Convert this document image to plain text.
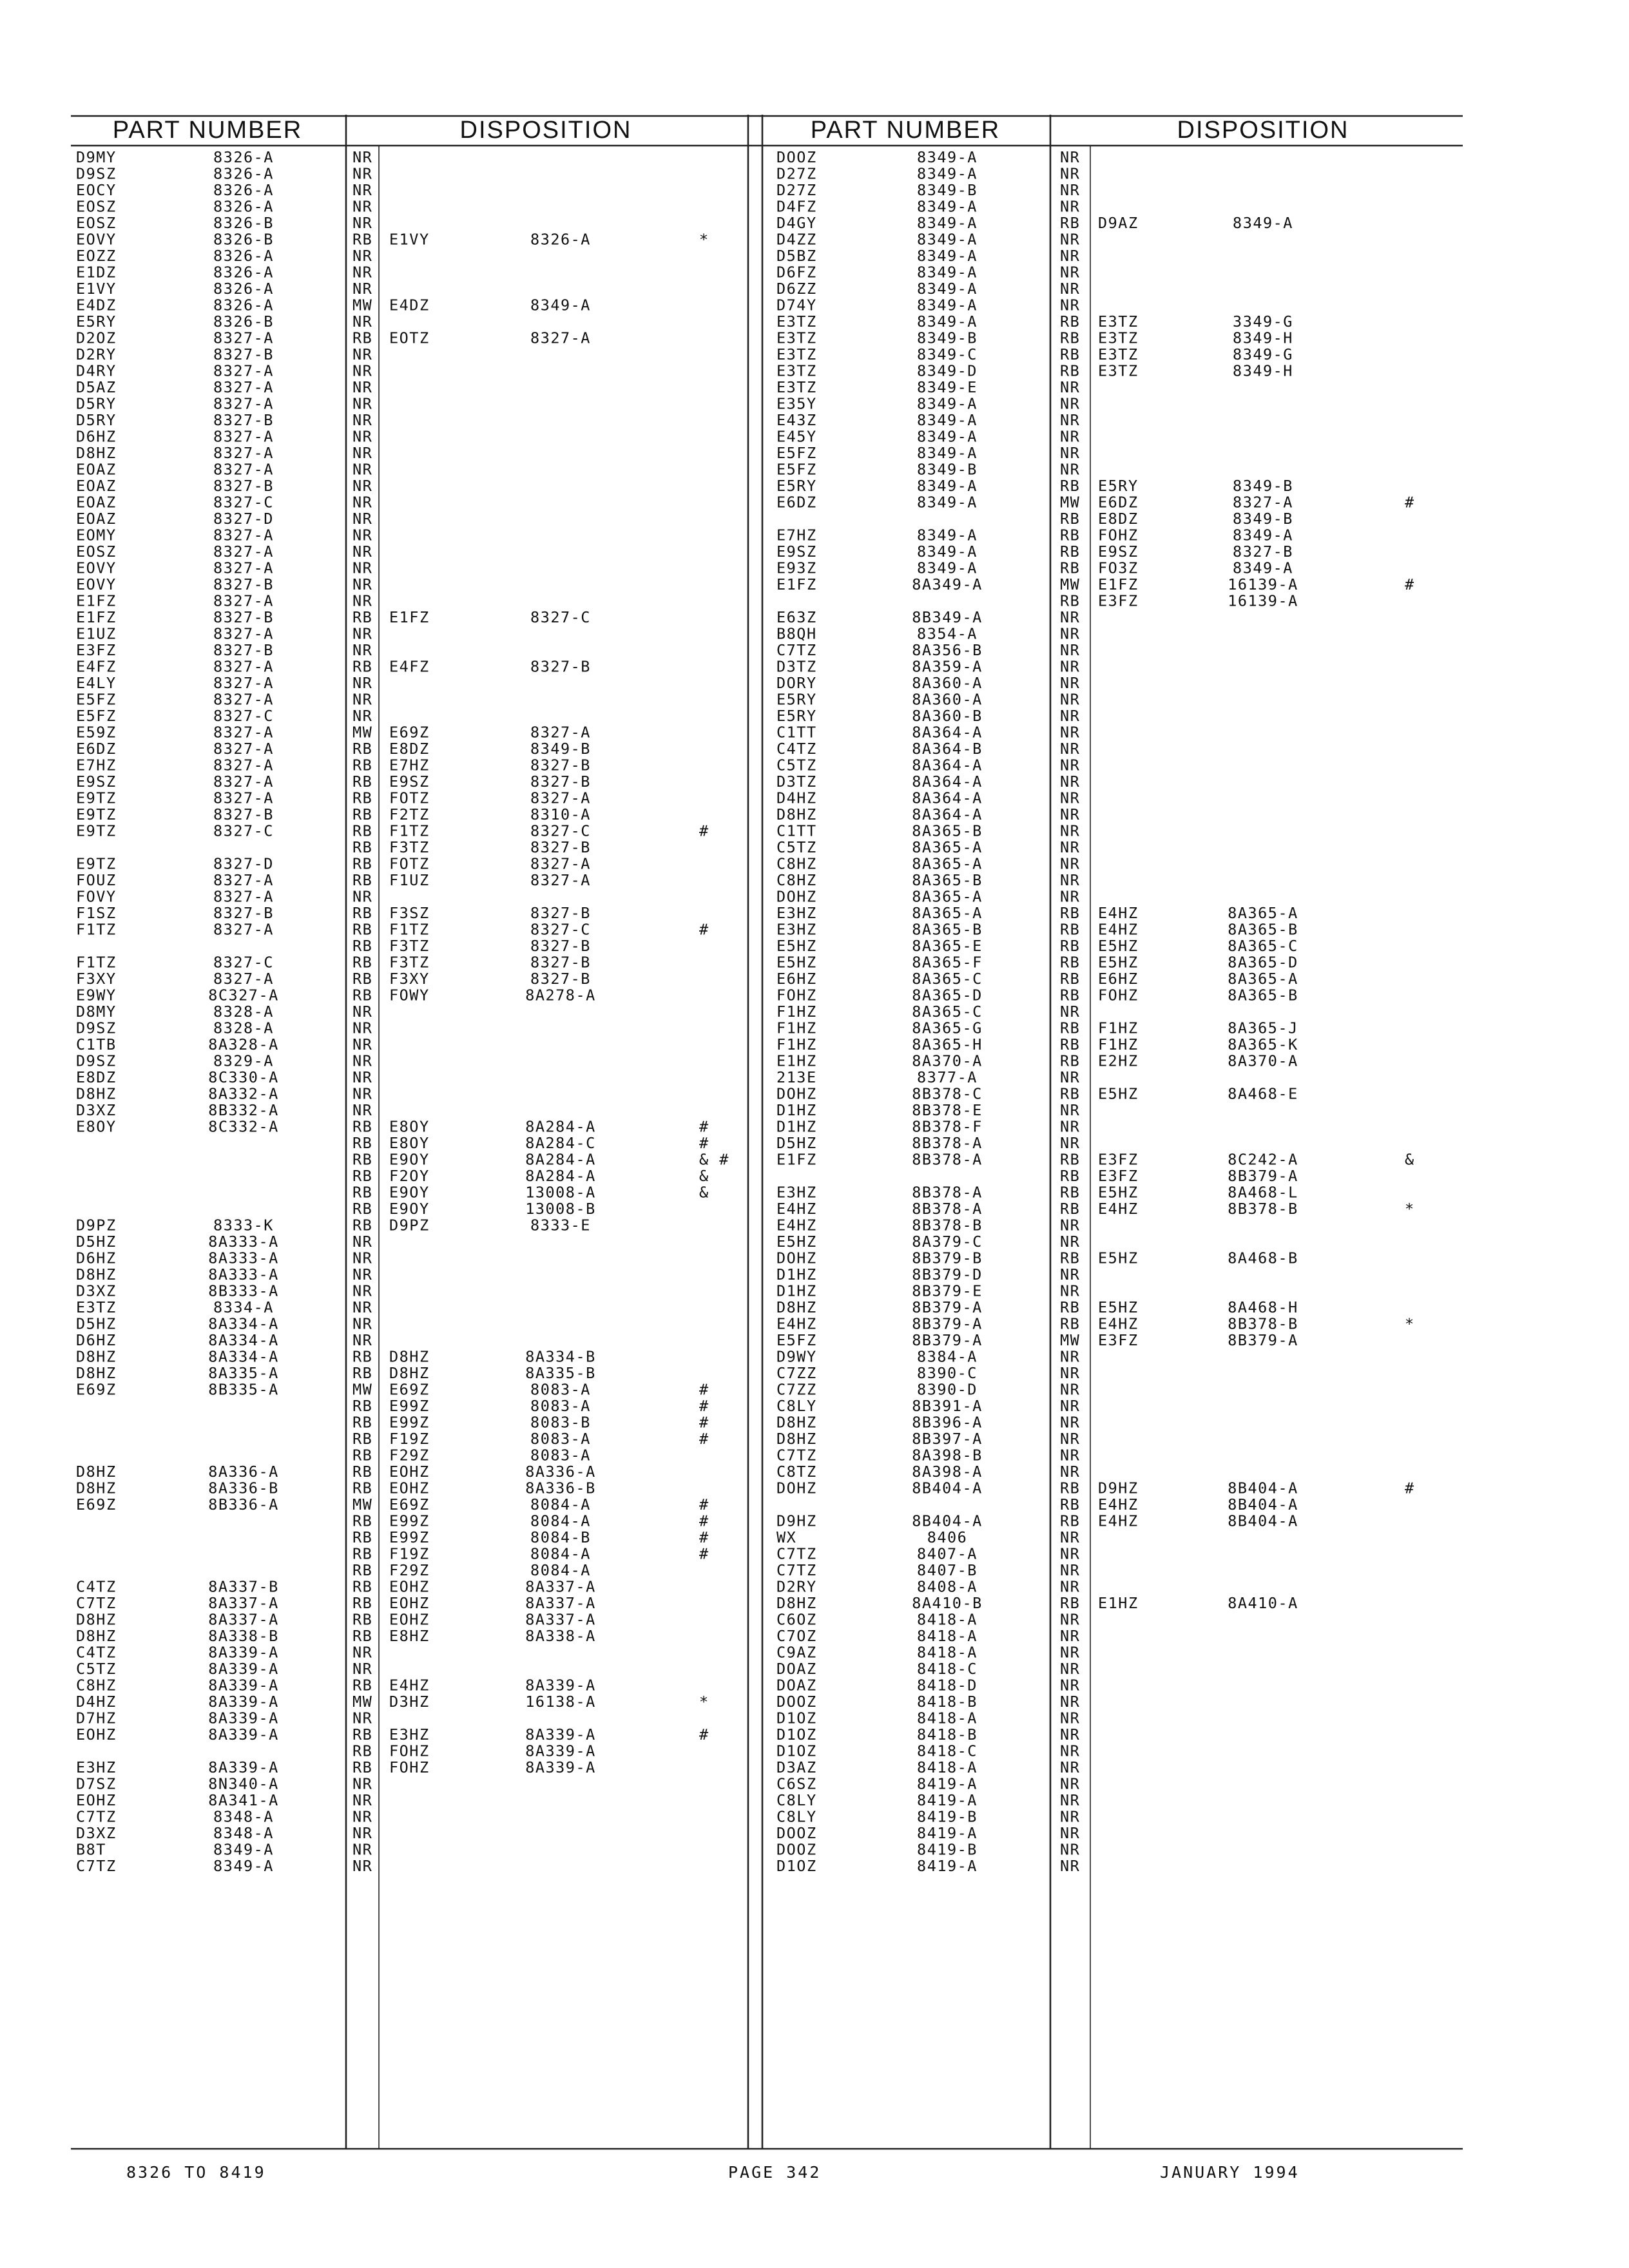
PART NUMBER	DISPOSITION	PART NUMBER	DISPOSITION
D9MY	8326-A	NR
D9SZ	8326-A	NR
EOCY	8326-A	NR
EOSZ	8326-A	NR
EOSZ	8326-B	NR
EOVY	8326-B	RB E1VY	8326-A	*
EOZZ	8326-A	NR
E1DZ	8326-A	NR
E1VY	8326-A	NR
E4DZ	8326-A	MW E4DZ	8349-A
E5RY	8326-B	NR
D2OZ	8327-A	RB EOTZ	8327-A
D2RY	8327-B	NR
D4RY	8327-A	NR
D5AZ	8327-A	NR
D5RY	8327-A	NR
D5RY	8327-B	NR
D6HZ	8327-A	NR
D8HZ	8327-A	NR
EOAZ	8327-A	NR
EOAZ	8327-B	NR
EOAZ	8327-C	NR
EOAZ	8327-D	NR
EOMY	8327-A	NR
EOSZ	8327-A	NR
EOVY	8327-A	NR
EOVY	8327-B	NR
E1FZ	8327-A	NR
E1FZ	8327-B	RB E1FZ	8327-C
E1UZ	8327-A	NR
E3FZ	8327-B	NR
E4FZ	8327-A	RB E4FZ	8327-B
E4LY	8327-A	NR
E5FZ	8327-A	NR
E5FZ	8327-C	NR
E59Z	8327-A	MW E69Z	8327-A
E6DZ	8327-A	RB E8DZ	8349-B
E7HZ	8327-A	RB E7HZ	8327-B
E9SZ	8327-A	RB E9SZ	8327-B
E9TZ	8327-A	RB FOTZ	8327-A
E9TZ	8327-B	RB F2TZ	8310-A
E9TZ	8327-C	RB F1TZ	8327-C	#
RB F3TZ	8327-B
E9TZ	8327-D	RB FOTZ	8327-A
FOUZ	8327-A	RB F1UZ	8327-A
FOVY	8327-A	NR
F1SZ	8327-B	RB F3SZ	8327-B
F1TZ	8327-A	RB F1TZ	8327-C	#
RB F3TZ	8327-B
F1TZ	8327-C	RB F3TZ	8327-B
F3XY	8327-A	RB F3XY	8327-B
E9WY	8C327-A	RB FOWY	8A278-A
D8MY	8328-A	NR
D9SZ	8328-A	NR
C1TB	8A328-A	NR
D9SZ	8329-A	NR
E8DZ	8C330-A	NR
D8HZ	8A332-A	NR
D3XZ	8B332-A	NR
E8OY	8C332-A	RB E8OY	8A284-A	#
RB E8OY	8A284-C	#
RB E9OY	8A284-A	& #
RB F2OY	8A284-A	&
RB E9OY	13008-A	&
RB E9OY	13008-B
D9PZ	8333-K	RB D9PZ	8333-E
D5HZ	8A333-A	NR
D6HZ	8A333-A	NR
D8HZ	8A333-A	NR
D3XZ	8B333-A	NR
E3TZ	8334-A	NR
D5HZ	8A334-A	NR
D6HZ	8A334-A	NR
D8HZ	8A334-A	RB D8HZ	8A334-B
D8HZ	8A335-A	RB D8HZ	8A335-B
E69Z	8B335-A	MW E69Z	8083-A	#
RB E99Z	8083-A	#
RB E99Z	8083-B	#
RB F19Z	8083-A	#
RB F29Z	8083-A
D8HZ	8A336-A	RB EOHZ	8A336-A
D8HZ	8A336-B	RB EOHZ	8A336-B
E69Z	8B336-A	MW E69Z	8084-A	#
RB E99Z	8084-A	#
RB E99Z	8084-B	#
RB F19Z	8084-A	#
RB F29Z	8084-A
C4TZ	8A337-B	RB EOHZ	8A337-A
C7TZ	8A337-A	RB EOHZ	8A337-A
D8HZ	8A337-A	RB EOHZ	8A337-A
D8HZ	8A338-B	RB E8HZ	8A338-A
C4TZ	8A339-A	NR
C5TZ	8A339-A	NR
C8HZ	8A339-A	RB E4HZ	8A339-A
D4HZ	8A339-A	MW D3HZ	16138-A	*
D7HZ	8A339-A	NR
EOHZ	8A339-A	RB E3HZ	8A339-A	#
RB FOHZ	8A339-A
E3HZ	8A339-A	RB FOHZ	8A339-A
D7SZ	8N340-A	NR
EOHZ	8A341-A	NR
C7TZ	8348-A	NR
D3XZ	8348-A	NR
B8T	8349-A	NR
C7TZ	8349-A	NR
DOOZ	8349-A	NR
D27Z	8349-A	NR
D27Z	8349-B	NR
D4FZ	8349-A	NR
D4GY	8349-A	RB D9AZ	8349-A
D4ZZ	8349-A	NR
D5BZ	8349-A	NR
D6FZ	8349-A	NR
D6ZZ	8349-A	NR
D74Y	8349-A	NR
E3TZ	8349-A	RB E3TZ	3349-G
E3TZ	8349-B	RB E3TZ	8349-H
E3TZ	8349-C	RB E3TZ	8349-G
E3TZ	8349-D	RB E3TZ	8349-H
E3TZ	8349-E	NR
E35Y	8349-A	NR
E43Z	8349-A	NR
E45Y	8349-A	NR
E5FZ	8349-A	NR
E5FZ	8349-B	NR
E5RY	8349-A	RB E5RY	8349-B
E6DZ	8349-A	MW E6DZ	8327-A	#
RB E8DZ	8349-B
E7HZ	8349-A	RB FOHZ	8349-A
E9SZ	8349-A	RB E9SZ	8327-B
E93Z	8349-A	RB FO3Z	8349-A
E1FZ	8A349-A	MW E1FZ	16139-A	#
RB E3FZ	16139-A
E63Z	8B349-A	NR
B8QH	8354-A	NR
C7TZ	8A356-B	NR
D3TZ	8A359-A	NR
DORY	8A360-A	NR
E5RY	8A360-A	NR
E5RY	8A360-B	NR
C1TT	8A364-A	NR
C4TZ	8A364-B	NR
C5TZ	8A364-A	NR
D3TZ	8A364-A	NR
D4HZ	8A364-A	NR
D8HZ	8A364-A	NR
C1TT	8A365-B	NR
C5TZ	8A365-A	NR
C8HZ	8A365-A	NR
C8HZ	8A365-B	NR
DOHZ	8A365-A	NR
E3HZ	8A365-A	RB E4HZ	8A365-A
E3HZ	8A365-B	RB E4HZ	8A365-B
E5HZ	8A365-E	RB E5HZ	8A365-C
E5HZ	8A365-F	RB E5HZ	8A365-D
E6HZ	8A365-C	RB E6HZ	8A365-A
FOHZ	8A365-D	RB FOHZ	8A365-B
F1HZ	8A365-C	NR
F1HZ	8A365-G	RB F1HZ	8A365-J
F1HZ	8A365-H	RB F1HZ	8A365-K
E1HZ	8A370-A	RB E2HZ	8A370-A
213E	8377-A	NR
DOHZ	8B378-C	RB E5HZ	8A468-E
D1HZ	8B378-E	NR
D1HZ	8B378-F	NR
D5HZ	8B378-A	NR
E1FZ	8B378-A	RB E3FZ	8C242-A	&
RB E3FZ	8B379-A
E3HZ	8B378-A	RB E5HZ	8A468-L
E4HZ	8B378-A	RB E4HZ	8B378-B	*
E4HZ	8B378-B	NR
E5HZ	8A379-C	NR
DOHZ	8B379-B	RB E5HZ	8A468-B
D1HZ	8B379-D	NR
D1HZ	8B379-E	NR
D8HZ	8B379-A	RB E5HZ	8A468-H
E4HZ	8B379-A	RB E4HZ	8B378-B	*
E5FZ	8B379-A	MW E3FZ	8B379-A
D9WY	8384-A	NR
C7ZZ	8390-C	NR
C7ZZ	8390-D	NR
C8LY	8B391-A	NR
D8HZ	8B396-A	NR
D8HZ	8B397-A	NR
C7TZ	8A398-B	NR
C8TZ	8A398-A	NR
DOHZ	8B404-A	RB D9HZ	8B404-A	#
RB E4HZ	8B404-A
D9HZ	8B404-A	RB E4HZ	8B404-A
WX	8406	NR
C7TZ	8407-A	NR
C7TZ	8407-B	NR
D2RY	8408-A	NR
D8HZ	8A410-B	RB E1HZ	8A410-A
C6OZ	8418-A	NR
C7OZ	8418-A	NR
C9AZ	8418-A	NR
DOAZ	8418-C	NR
DOAZ	8418-D	NR
DOOZ	8418-B	NR
D1OZ	8418-A	NR
D1OZ	8418-B	NR
D1OZ	8418-C	NR
D3AZ	8418-A	NR
C6SZ	8419-A	NR
C8LY	8419-A	NR
C8LY	8419-B	NR
DOOZ	8419-A	NR
DOOZ	8419-B	NR
D1OZ	8419-A	NR
8326 TO 8419	PAGE 342	JANUARY 1994
